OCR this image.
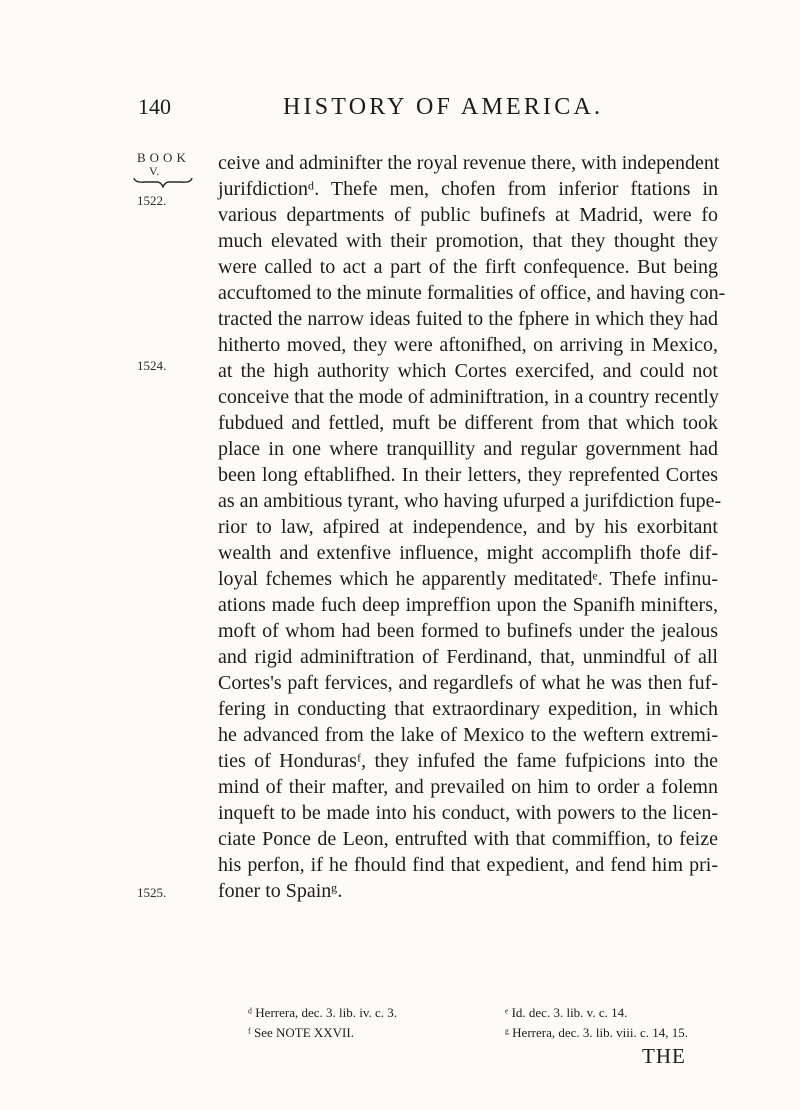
140	HISTORY OF AMERICA.
BOOK
V.
1522.
1524.
1525.
ceive and adminifter the royal revenue there, with independent
jurifdictionᵈ. Thefe men, chofen from inferior ftations in
various departments of public bufinefs at Madrid, were fo
much elevated with their promotion, that they thought they
were called to act a part of the firft confequence. But being
accuftomed to the minute formalities of office, and having con-
tracted the narrow ideas fuited to the fphere in which they had
hitherto moved, they were aftonifhed, on arriving in Mexico,
at the high authority which Cortes exercifed, and could not
conceive that the mode of adminiftration, in a country recently
fubdued and fettled, muft be different from that which took
place in one where tranquillity and regular government had
been long eftablifhed. In their letters, they reprefented Cortes
as an ambitious tyrant, who having ufurped a jurifdiction fupe-
rior to law, afpired at independence, and by his exorbitant
wealth and extenfive influence, might accomplifh thofe dif-
loyal fchemes which he apparently meditatedᵉ. Thefe infinu-
ations made fuch deep impreffion upon the Spanifh minifters,
moft of whom had been formed to bufinefs under the jealous
and rigid adminiftration of Ferdinand, that, unmindful of all
Cortes's paft fervices, and regardlefs of what he was then fuf-
fering in conducting that extraordinary expedition, in which
he advanced from the lake of Mexico to the weftern extremi-
ties of Hondurasᶠ, they infufed the fame fufpicions into the
mind of their mafter, and prevailed on him to order a folemn
inqueft to be made into his conduct, with powers to the licen-
ciate Ponce de Leon, entrufted with that commiffion, to feize
his perfon, if he fhould find that expedient, and fend him pri-
foner to Spainᵍ.
ᵈ Herrera, dec. 3. lib. iv. c. 3.	ᵉ Id. dec. 3. lib. v. c. 14.
ᶠ See NOTE XXVII.	ᵍ Herrera, dec. 3. lib. viii. c. 14, 15.
THE
